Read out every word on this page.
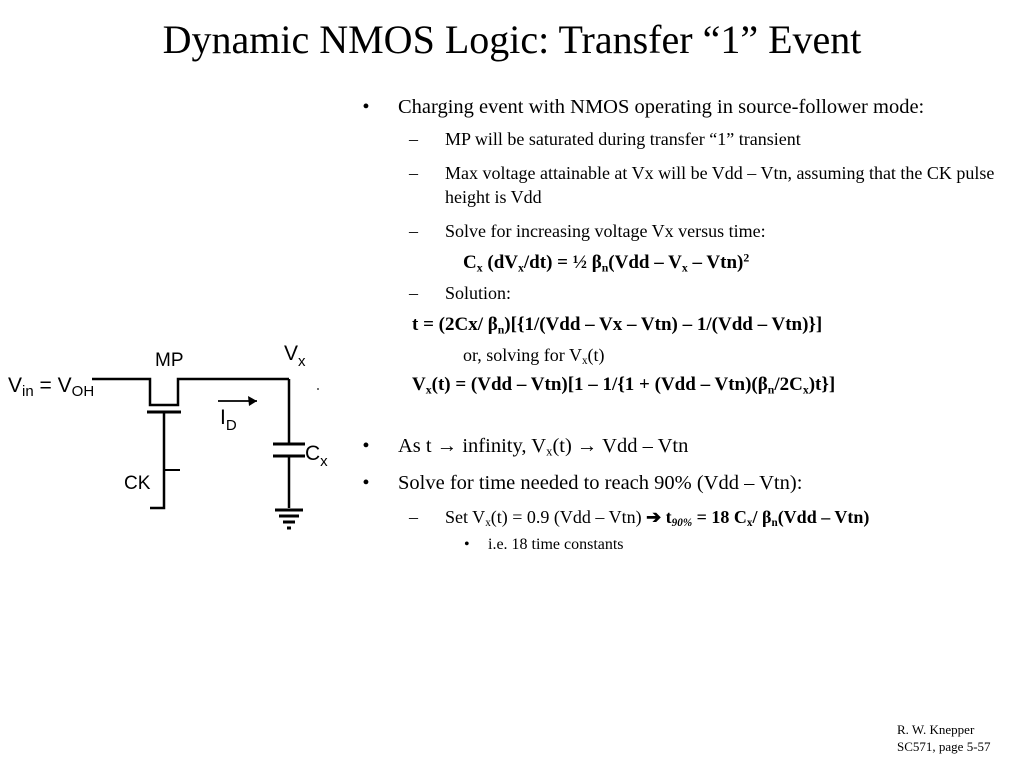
Dynamic NMOS Logic: Transfer “1” Event
Vin = VOH
MP	$V_x$
CK
$I_D$
$C_x$
•	Charging event with NMOS operating in source-follower mode:
– MP will be saturated during transfer “1” transient
– Max voltage attainable at Vx will be Vdd – Vtn, assuming that the CK pulse height is Vdd
– Solve for increasing voltage Vx versus time:
$C_x$ $(dV_x/dt)$ = ½ $\beta_n(Vdd - V_x - Vtn)^2$
– Solution:
t = (2Cx/ $\beta_n)[\{1/(Vdd$ – Vx – Vtn) – 1/(Vdd – Vtn)}]
or, solving for $V_x(t)$
$V_x(t) = (Vdd - Vtn)[1 - 1/\{1 + (Vdd - Vtn)(\beta_n/2C_x)t\}]$
•	As t → infinity, $V_x(t)$ → Vdd – Vtn
•	Solve for time needed to reach 90% (Vdd – Vtn):
– Set $V_x(t) = 0.9$ (Vdd – Vtn) ➔ $t_{90\%} = 18$ $C_x/$ $\beta_n(Vdd - Vtn)$
• i.e. 18 time constants
R. W. Knepper
SC571, page 5-57
